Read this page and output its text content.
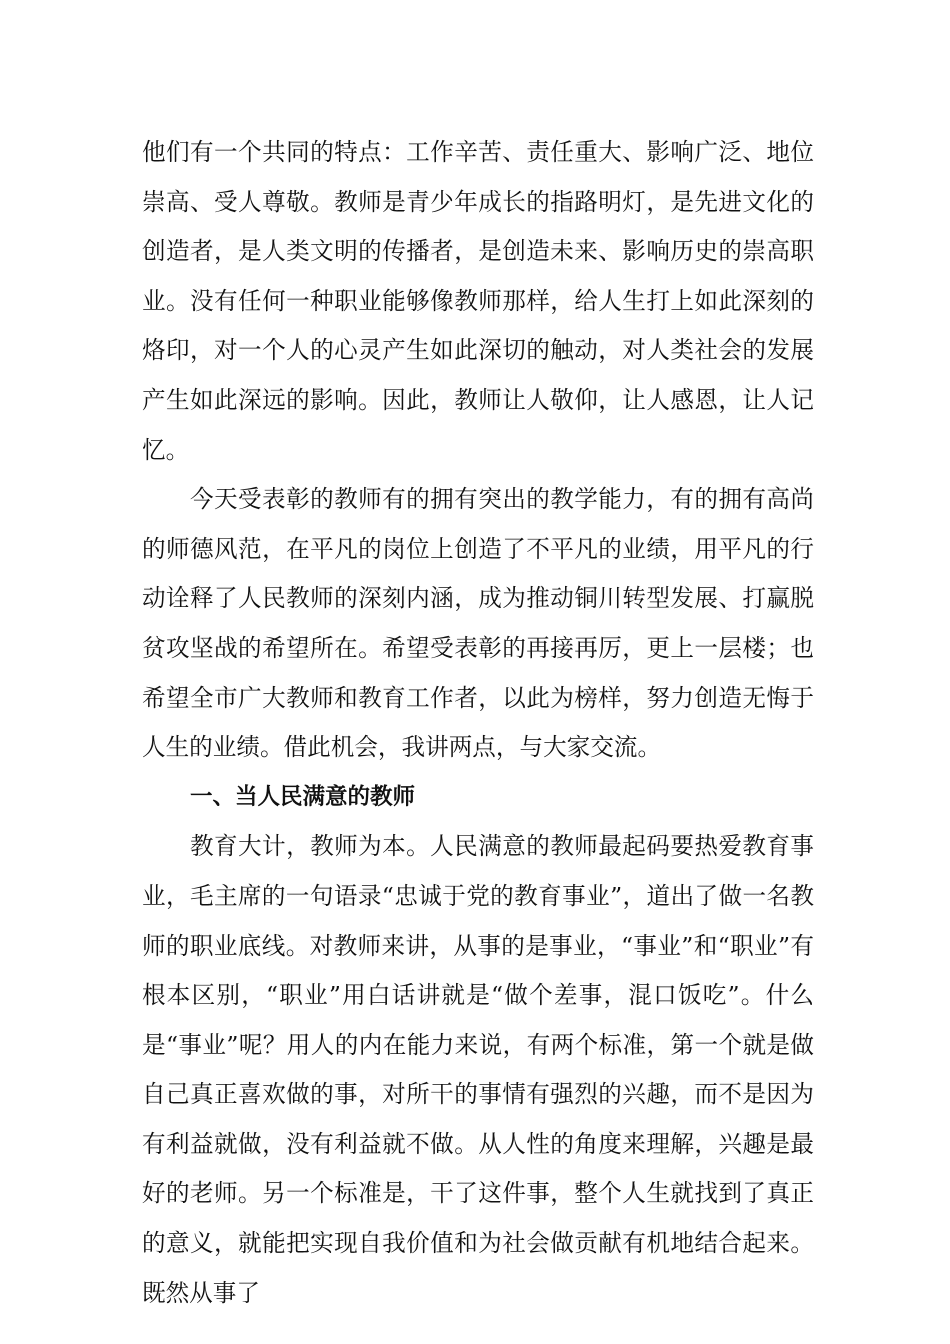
他们有一个共同的特点：工作辛苦、责任重大、影响广泛、地位崇高、受人尊敬。教师是青少年成长的指路明灯，是先进文化的创造者，是人类文明的传播者，是创造未来、影响历史的崇高职业。没有任何一种职业能够像教师那样，给人生打上如此深刻的烙印，对一个人的心灵产生如此深切的触动，对人类社会的发展产生如此深远的影响。因此，教师让人敬仰，让人感恩，让人记忆。

今天受表彰的教师有的拥有突出的教学能力，有的拥有高尚的师德风范，在平凡的岗位上创造了不平凡的业绩，用平凡的行动诠释了人民教师的深刻内涵，成为推动铜川转型发展、打赢脱贫攻坚战的希望所在。希望受表彰的再接再厉，更上一层楼；也希望全市广大教师和教育工作者，以此为榜样，努力创造无悔于人生的业绩。借此机会，我讲两点，与大家交流。

一、当人民满意的教师

教育大计，教师为本。人民满意的教师最起码要热爱教育事业，毛主席的一句语录“忠诚于党的教育事业”，道出了做一名教师的职业底线。对教师来讲，从事的是事业，“事业”和“职业”有根本区别，“职业”用白话讲就是“做个差事，混口饭吃”。什么是“事业”呢？用人的内在能力来说，有两个标准，第一个就是做自己真正喜欢做的事，对所干的事情有强烈的兴趣，而不是因为有利益就做，没有利益就不做。从人性的角度来理解，兴趣是最好的老师。另一个标准是，干了这件事，整个人生就找到了真正的意义，就能把实现自我价值和为社会做贡献有机地结合起来。既然从事了
